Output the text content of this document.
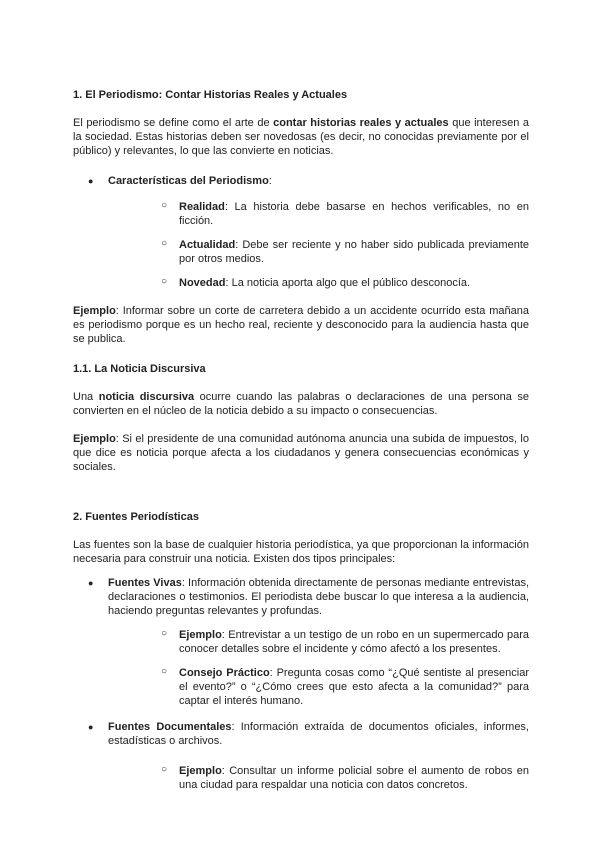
1. El Periodismo: Contar Historias Reales y Actuales

El periodismo se define como el arte de contar historias reales y actuales que interesen a la sociedad. Estas historias deben ser novedosas (es decir, no conocidas previamente por el público) y relevantes, lo que las convierte en noticias.

● Características del Periodismo:

○ Realidad: La historia debe basarse en hechos verificables, no en ficción.

○ Actualidad: Debe ser reciente y no haber sido publicada previamente por otros medios.

○ Novedad: La noticia aporta algo que el público desconocía.

Ejemplo: Informar sobre un corte de carretera debido a un accidente ocurrido esta mañana es periodismo porque es un hecho real, reciente y desconocido para la audiencia hasta que se publica.

1.1. La Noticia Discursiva

Una noticia discursiva ocurre cuando las palabras o declaraciones de una persona se convierten en el núcleo de la noticia debido a su impacto o consecuencias.

Ejemplo: Si el presidente de una comunidad autónoma anuncia una subida de impuestos, lo que dice es noticia porque afecta a los ciudadanos y genera consecuencias económicas y sociales.

2. Fuentes Periodísticas

Las fuentes son la base de cualquier historia periodística, ya que proporcionan la información necesaria para construir una noticia. Existen dos tipos principales:

● Fuentes Vivas: Información obtenida directamente de personas mediante entrevistas, declaraciones o testimonios. El periodista debe buscar lo que interesa a la audiencia, haciendo preguntas relevantes y profundas.

○ Ejemplo: Entrevistar a un testigo de un robo en un supermercado para conocer detalles sobre el incidente y cómo afectó a los presentes.

○ Consejo Práctico: Pregunta cosas como “¿Qué sentiste al presenciar el evento?” o “¿Cómo crees que esto afecta a la comunidad?” para captar el interés humano.

● Fuentes Documentales: Información extraída de documentos oficiales, informes, estadísticas o archivos.

○ Ejemplo: Consultar un informe policial sobre el aumento de robos en una ciudad para respaldar una noticia con datos concretos.
